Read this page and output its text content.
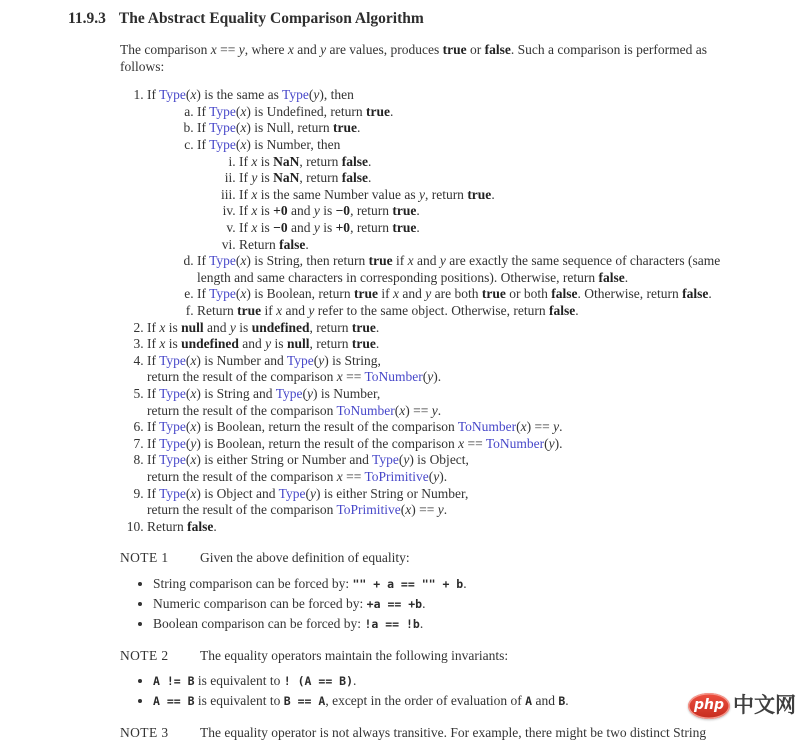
11.9.3 The Abstract Equality Comparison Algorithm

The comparison x == y, where x and y are values, produces true or false. Such a comparison is performed as
follows:

1. If Type(x) is the same as Type(y), then
a. If Type(x) is Undefined, return true.
b. If Type(x) is Null, return true.
c. If Type(x) is Number, then
i. If x is NaN, return false.
ii. If y is NaN, return false.
iii. If x is the same Number value as y, return true.
iv. If x is +0 and y is −0, return true.
v. If x is −0 and y is +0, return true.
vi. Return false.
d. If Type(x) is String, then return true if x and y are exactly the same sequence of characters (same
length and same characters in corresponding positions). Otherwise, return false.
e. If Type(x) is Boolean, return true if x and y are both true or both false. Otherwise, return false.
f. Return true if x and y refer to the same object. Otherwise, return false.
2. If x is null and y is undefined, return true.
3. If x is undefined and y is null, return true.
4. If Type(x) is Number and Type(y) is String,
return the result of the comparison x == ToNumber(y).
5. If Type(x) is String and Type(y) is Number,
return the result of the comparison ToNumber(x) == y.
6. If Type(x) is Boolean, return the result of the comparison ToNumber(x) == y.
7. If Type(y) is Boolean, return the result of the comparison x == ToNumber(y).
8. If Type(x) is either String or Number and Type(y) is Object,
return the result of the comparison x == ToPrimitive(y).
9. If Type(x) is Object and Type(y) is either String or Number,
return the result of the comparison ToPrimitive(x) == y.
10. Return false.
NOTE 1	Given the above definition of equality:
• String comparison can be forced by: "" + a == "" + b.
• Numeric comparison can be forced by: +a == +b.
• Boolean comparison can be forced by: !a == !b.
NOTE 2	The equality operators maintain the following invariants:
• A != B is equivalent to ! (A == B).
• A == B is equivalent to B == A, except in the order of evaluation of A and B.
NOTE 3	The equality operator is not always transitive. For example, there might be two distinct String
php 中文网
